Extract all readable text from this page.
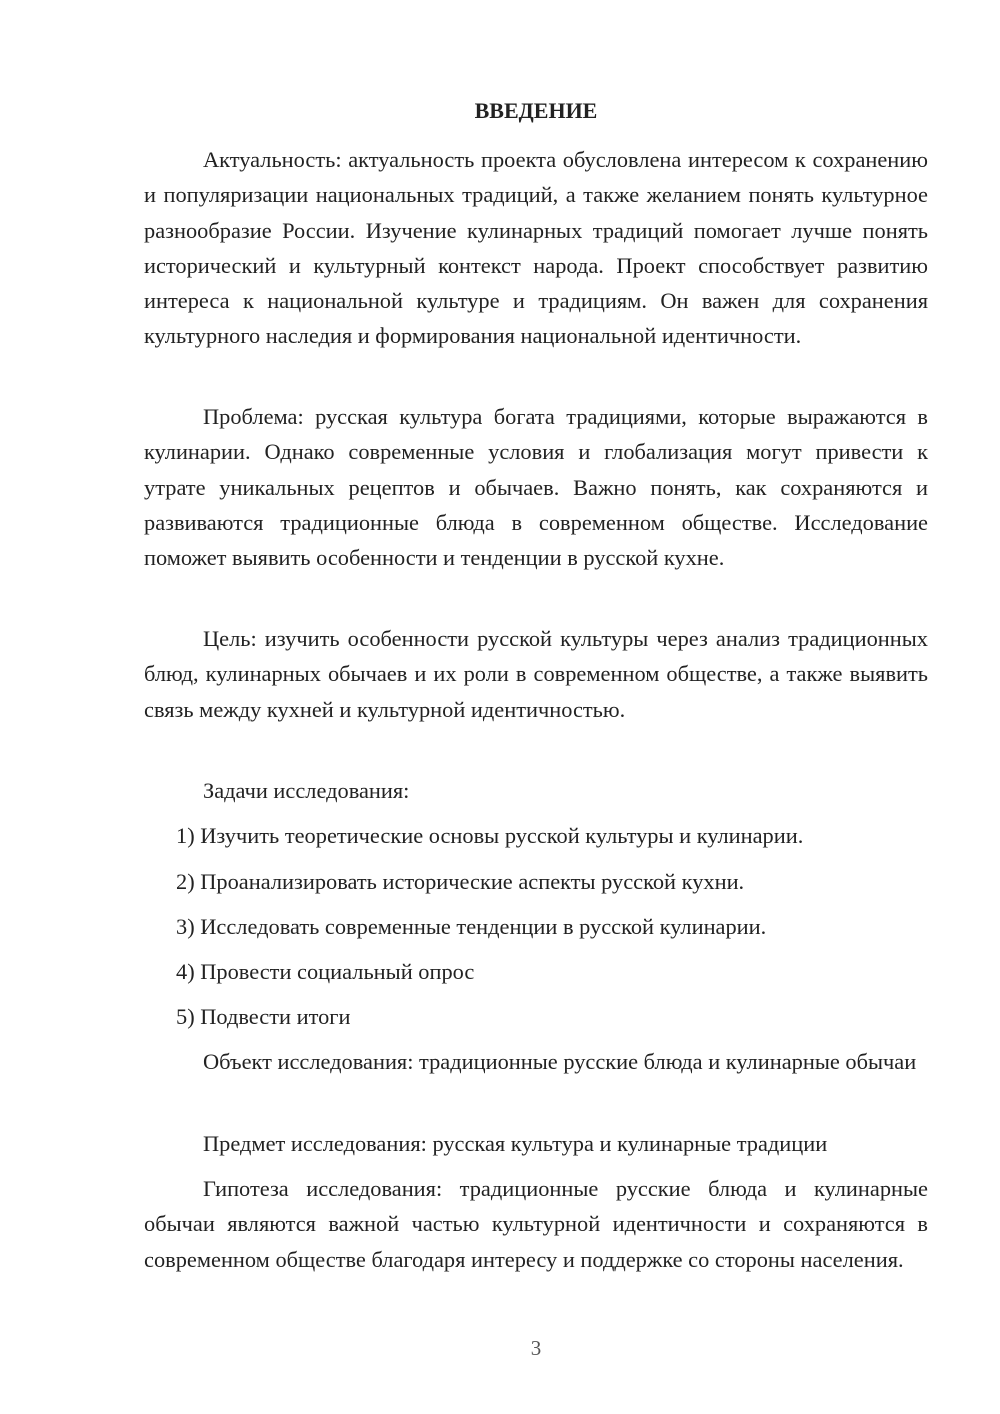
ВВЕДЕНИЕ

Актуальность: актуальность проекта обусловлена интересом к сохранению и популяризации национальных традиций, а также желанием понять культурное разнообразие России. Изучение кулинарных традиций помогает лучше понять исторический и культурный контекст народа. Проект способствует развитию интереса к национальной культуре и традициям. Он важен для сохранения культурного наследия и формирования национальной идентичности.

Проблема: русская культура богата традициями, которые выражаются в кулинарии. Однако современные условия и глобализация могут привести к утрате уникальных рецептов и обычаев. Важно понять, как сохраняются и развиваются традиционные блюда в современном обществе. Исследование поможет выявить особенности и тенденции в русской кухне.

Цель: изучить особенности русской культуры через анализ традиционных блюд, кулинарных обычаев и их роли в современном обществе, а также выявить связь между кухней и культурной идентичностью.

Задачи исследования:

1) Изучить теоретические основы русской культуры и кулинарии.

2) Проанализировать исторические аспекты русской кухни.

3) Исследовать современные тенденции в русской кулинарии.

4) Провести социальный опрос

5) Подвести итоги

Объект исследования: традиционные русские блюда и кулинарные обычаи

Предмет исследования: русская культура и кулинарные традиции

Гипотеза исследования: традиционные русские блюда и кулинарные обычаи являются важной частью культурной идентичности и сохраняются в современном обществе благодаря интересу и поддержке со стороны населения.

3
